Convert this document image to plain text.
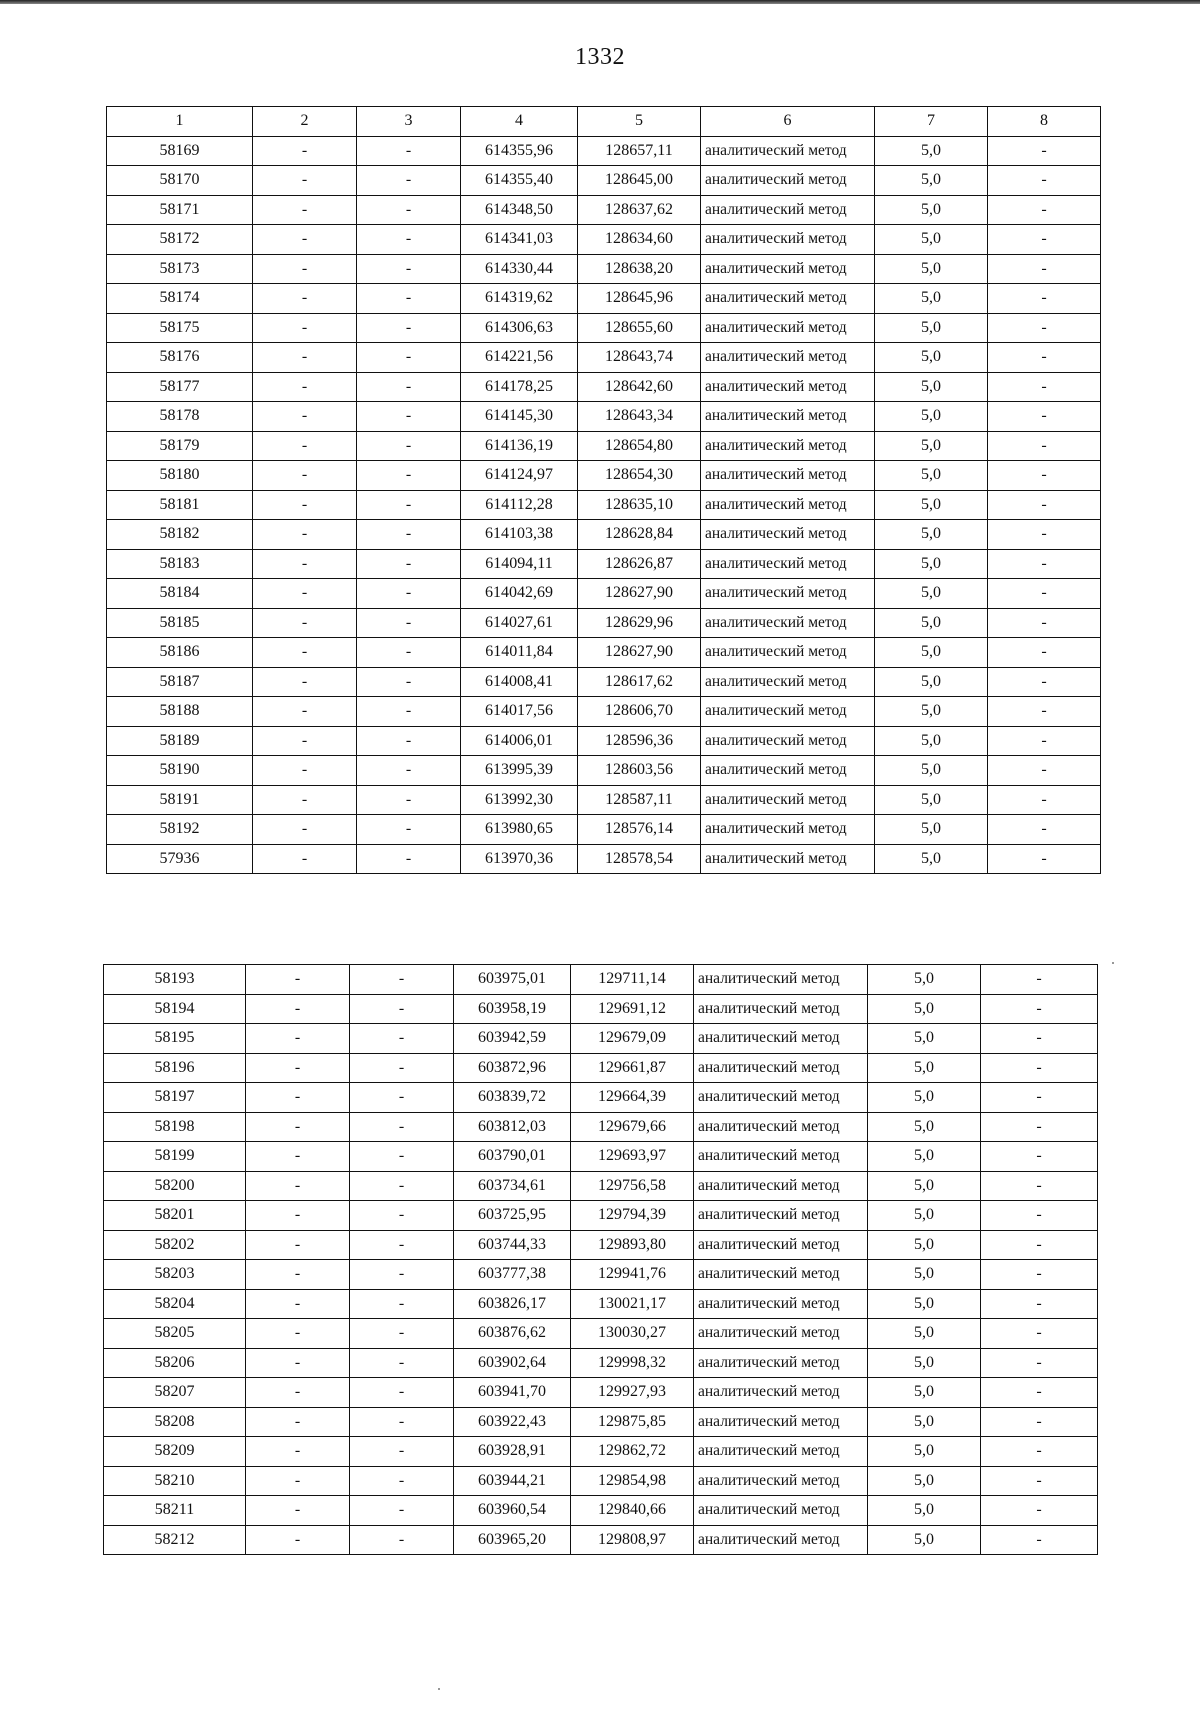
1332
1	2	3	4	5	6	7	8
58169	-	-	614355,96	128657,11	аналитический метод	5,0	-
58170	-	-	614355,40	128645,00	аналитический метод	5,0	-
58171	-	-	614348,50	128637,62	аналитический метод	5,0	-
58172	-	-	614341,03	128634,60	аналитический метод	5,0	-
58173	-	-	614330,44	128638,20	аналитический метод	5,0	-
58174	-	-	614319,62	128645,96	аналитический метод	5,0	-
58175	-	-	614306,63	128655,60	аналитический метод	5,0	-
58176	-	-	614221,56	128643,74	аналитический метод	5,0	-
58177	-	-	614178,25	128642,60	аналитический метод	5,0	-
58178	-	-	614145,30	128643,34	аналитический метод	5,0	-
58179	-	-	614136,19	128654,80	аналитический метод	5,0	-
58180	-	-	614124,97	128654,30	аналитический метод	5,0	-
58181	-	-	614112,28	128635,10	аналитический метод	5,0	-
58182	-	-	614103,38	128628,84	аналитический метод	5,0	-
58183	-	-	614094,11	128626,87	аналитический метод	5,0	-
58184	-	-	614042,69	128627,90	аналитический метод	5,0	-
58185	-	-	614027,61	128629,96	аналитический метод	5,0	-
58186	-	-	614011,84	128627,90	аналитический метод	5,0	-
58187	-	-	614008,41	128617,62	аналитический метод	5,0	-
58188	-	-	614017,56	128606,70	аналитический метод	5,0	-
58189	-	-	614006,01	128596,36	аналитический метод	5,0	-
58190	-	-	613995,39	128603,56	аналитический метод	5,0	-
58191	-	-	613992,30	128587,11	аналитический метод	5,0	-
58192	-	-	613980,65	128576,14	аналитический метод	5,0	-
57936	-	-	613970,36	128578,54	аналитический метод	5,0	-
58193	-	-	603975,01	129711,14	аналитический метод	5,0	-
58194	-	-	603958,19	129691,12	аналитический метод	5,0	-
58195	-	-	603942,59	129679,09	аналитический метод	5,0	-
58196	-	-	603872,96	129661,87	аналитический метод	5,0	-
58197	-	-	603839,72	129664,39	аналитический метод	5,0	-
58198	-	-	603812,03	129679,66	аналитический метод	5,0	-
58199	-	-	603790,01	129693,97	аналитический метод	5,0	-
58200	-	-	603734,61	129756,58	аналитический метод	5,0	-
58201	-	-	603725,95	129794,39	аналитический метод	5,0	-
58202	-	-	603744,33	129893,80	аналитический метод	5,0	-
58203	-	-	603777,38	129941,76	аналитический метод	5,0	-
58204	-	-	603826,17	130021,17	аналитический метод	5,0	-
58205	-	-	603876,62	130030,27	аналитический метод	5,0	-
58206	-	-	603902,64	129998,32	аналитический метод	5,0	-
58207	-	-	603941,70	129927,93	аналитический метод	5,0	-
58208	-	-	603922,43	129875,85	аналитический метод	5,0	-
58209	-	-	603928,91	129862,72	аналитический метод	5,0	-
58210	-	-	603944,21	129854,98	аналитический метод	5,0	-
58211	-	-	603960,54	129840,66	аналитический метод	5,0	-
58212	-	-	603965,20	129808,97	аналитический метод	5,0	-
